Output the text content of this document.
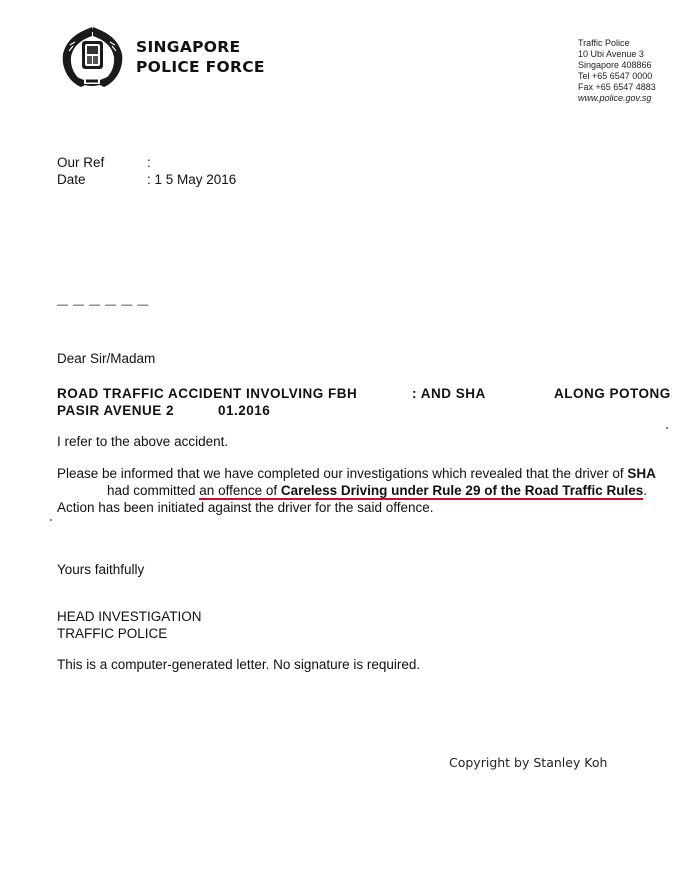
SINGAPORE
POLICE FORCE
Traffic Police
10 Ubi Avenue 3
Singapore 408866
Tel +65 6547 0000
Fax +65 6547 4883
www.police.gov.sg
Our Ref	:
Date	: 1 5 May 2016
— — — — — —
Dear Sir/Madam
ROAD TRAFFIC ACCIDENT INVOLVING FBH	: AND SHA	ALONG POTONG
PASIR AVENUE 2	01.2016
I refer to the above accident.
Please be informed that we have completed our investigations which revealed that the driver of SHA
had committed an offence of Careless Driving under Rule 29 of the Road Traffic Rules.
Action has been initiated against the driver for the said offence.
Yours faithfully
HEAD INVESTIGATION
TRAFFIC POLICE
This is a computer-generated letter. No signature is required.
Copyright by Stanley Koh
